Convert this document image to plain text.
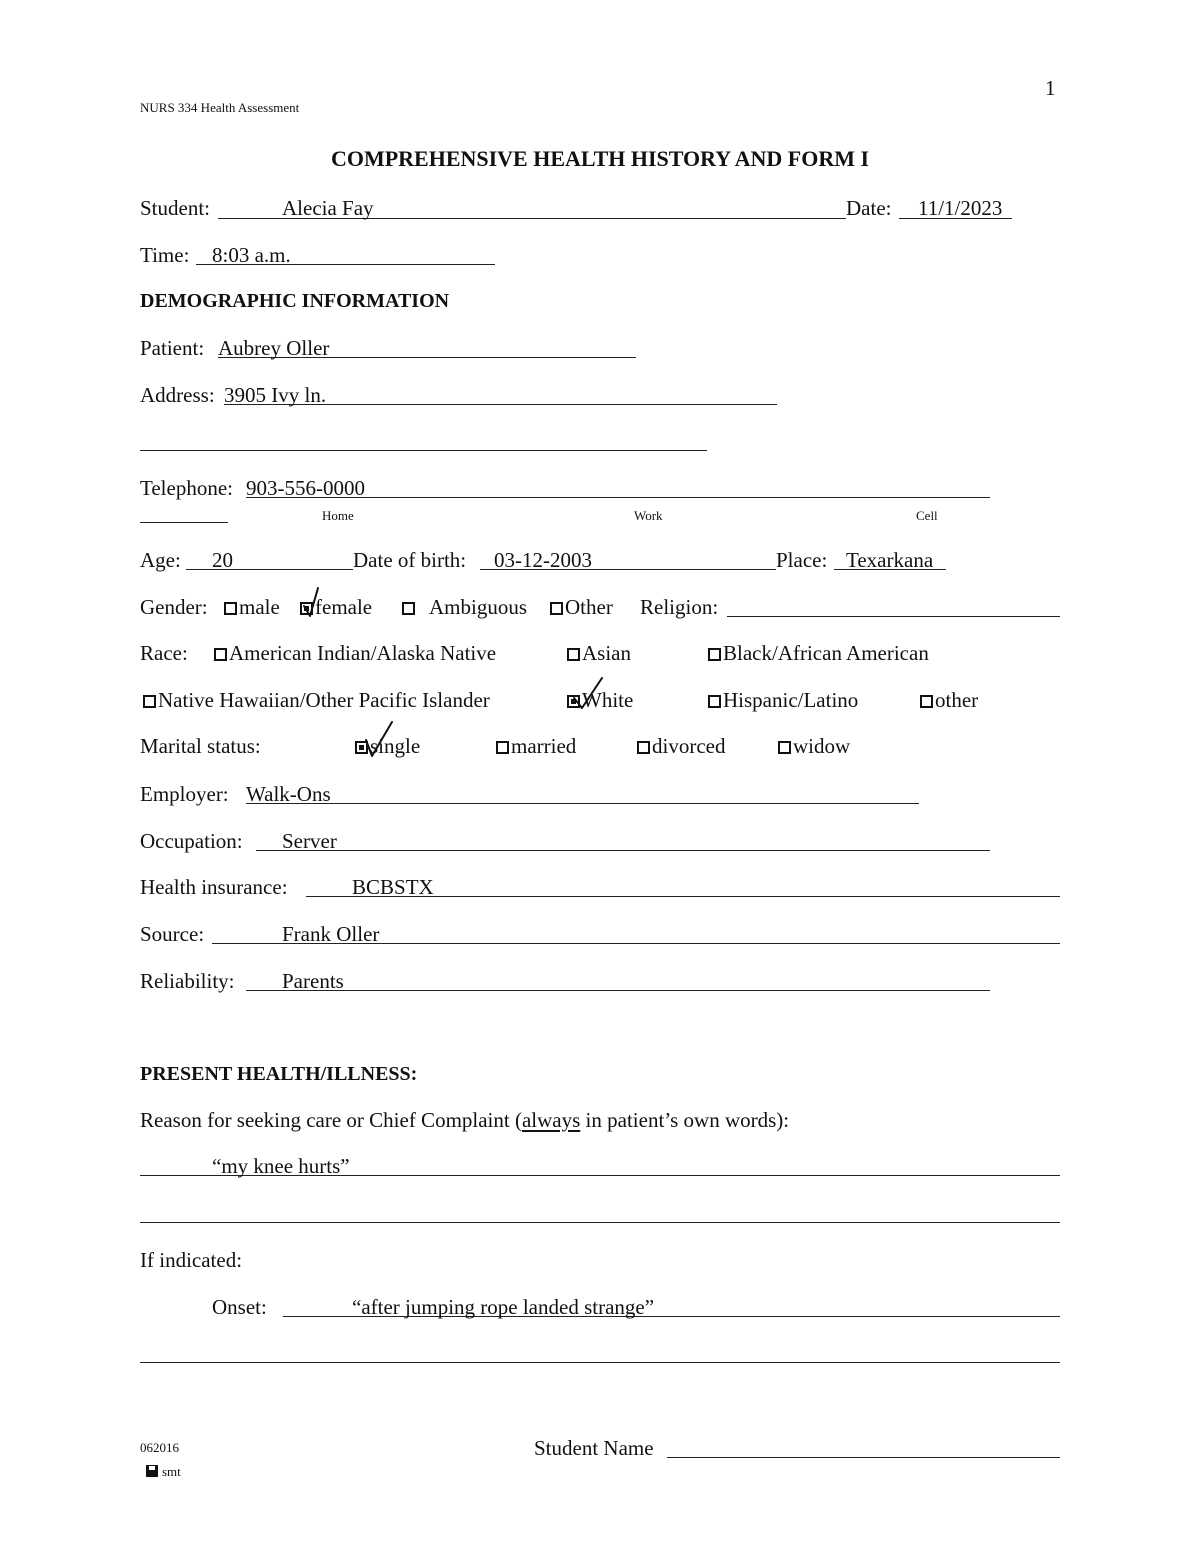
NURS 334 Health Assessment
1
COMPREHENSIVE HEALTH HISTORY AND FORM I
Student:	Alecia Fay	Date: 11/1/2023
Time: 8:03 a.m.
DEMOGRAPHIC INFORMATION
Patient: Aubrey Oller
Address: 3905 Ivy ln.
Telephone: 903-556-0000
Home	Work	Cell
Age: 20	Date of birth: 03-12-2003	Place: Texarkana
Gender:	male	female	Ambiguous	Other Religion:
Race:	American Indian/Alaska Native	Asian	Black/African American
Native Hawaiian/Other Pacific Islander	White	Hispanic/Latino	other
Marital status:	single	married	divorced	widow
Employer: Walk-Ons
Occupation: Server
Health insurance:	BCBSTX
Source:	Frank Oller
Reliability: Parents
PRESENT HEALTH/ILLNESS:
Reason for seeking care or Chief Complaint (always in patient’s own words):
“my knee hurts”
If indicated:
Onset:	“after jumping rope landed strange”
062016
smt
Student Name
